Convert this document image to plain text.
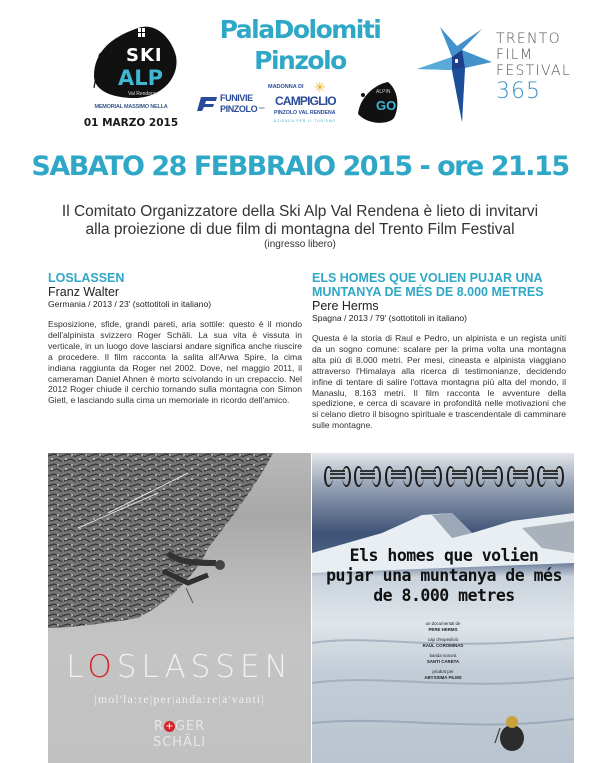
SKI
ALP
Val Rendena
MEMORIAL MASSIMO NELLA
01 MARZO 2015
PalaDolomiti
Pinzolo
FUNIVIE
PINZOLO SPA
MADONNA DI ✳
CAMPIGLIO
PINZOLO VAL RENDENA
AZIENDA PER IL TURISMO
ALPIN
GO
TRENTO
FILM
FESTIVAL
365
SABATO 28 FEBBRAIO 2015 - ore 21.15
Il Comitato Organizzatore della Ski Alp Val Rendena è lieto di invitarvi
alla proiezione di due film di montagna del Trento Film Festival
(ingresso libero)
LOSLASSEN
Franz Walter
Germania / 2013 / 23' (sottotitoli in italiano)

Esposizione, sfide, grandi pareti, aria sottile: questo è il mondo dell'alpinista svizzero Roger Schäli. La sua vita è vissuta in verticale, in un luogo dove lasciarsi andare significa anche riuscire a procedere. Il film racconta la salita all'Arwa Spire, la cima indiana raggiunta da Roger nel 2002. Dove, nel maggio 2011, il cameraman Daniel Ahnen è morto scivolando in un crepaccio. Nel 2012 Roger chiude il cerchio tornando sulla montagna con Simon Gietl, e lasciando sulla cima un memoriale in ricordo dell'amico.

ELS HOMES QUE VOLIEN PUJAR UNA MUNTANYA DE MÉS DE 8.000 METRES
Pere Herms
Spagna / 2013 / 79' (sottotitoli in italiano)

Questa è la storia di Raul e Pedro, un alpinista e un regista uniti da un sogno comune: scalare per la prima volta una montagna alta più di 8.000 metri. Per mesi, cineasta e alpinista viaggiano attraverso l'Himalaya alla ricerca di testimonianze, decidendo infine di tentare di salire l'ottava montagna più alta del mondo, il Manaslu, 8.163 metri. Il film racconta le avventure della spedizione, e cerca di scavare in profondità nelle motivazioni che si celano dietro il bisogno spirituale e trascendentale di camminare sulle montagne.

LOSLASSEN
|mol'la:re|per|anda:re|a'vanti|
R+GER
SCHÄLI
Els homes que volien pujar una muntanya de més de 8.000 metres
un documental de
PERE HERMS
cap d'expedició
RAÜL COROMINAS
banda sonora
SANTI CARETA
produït per
ABYSSIMA FILMS
